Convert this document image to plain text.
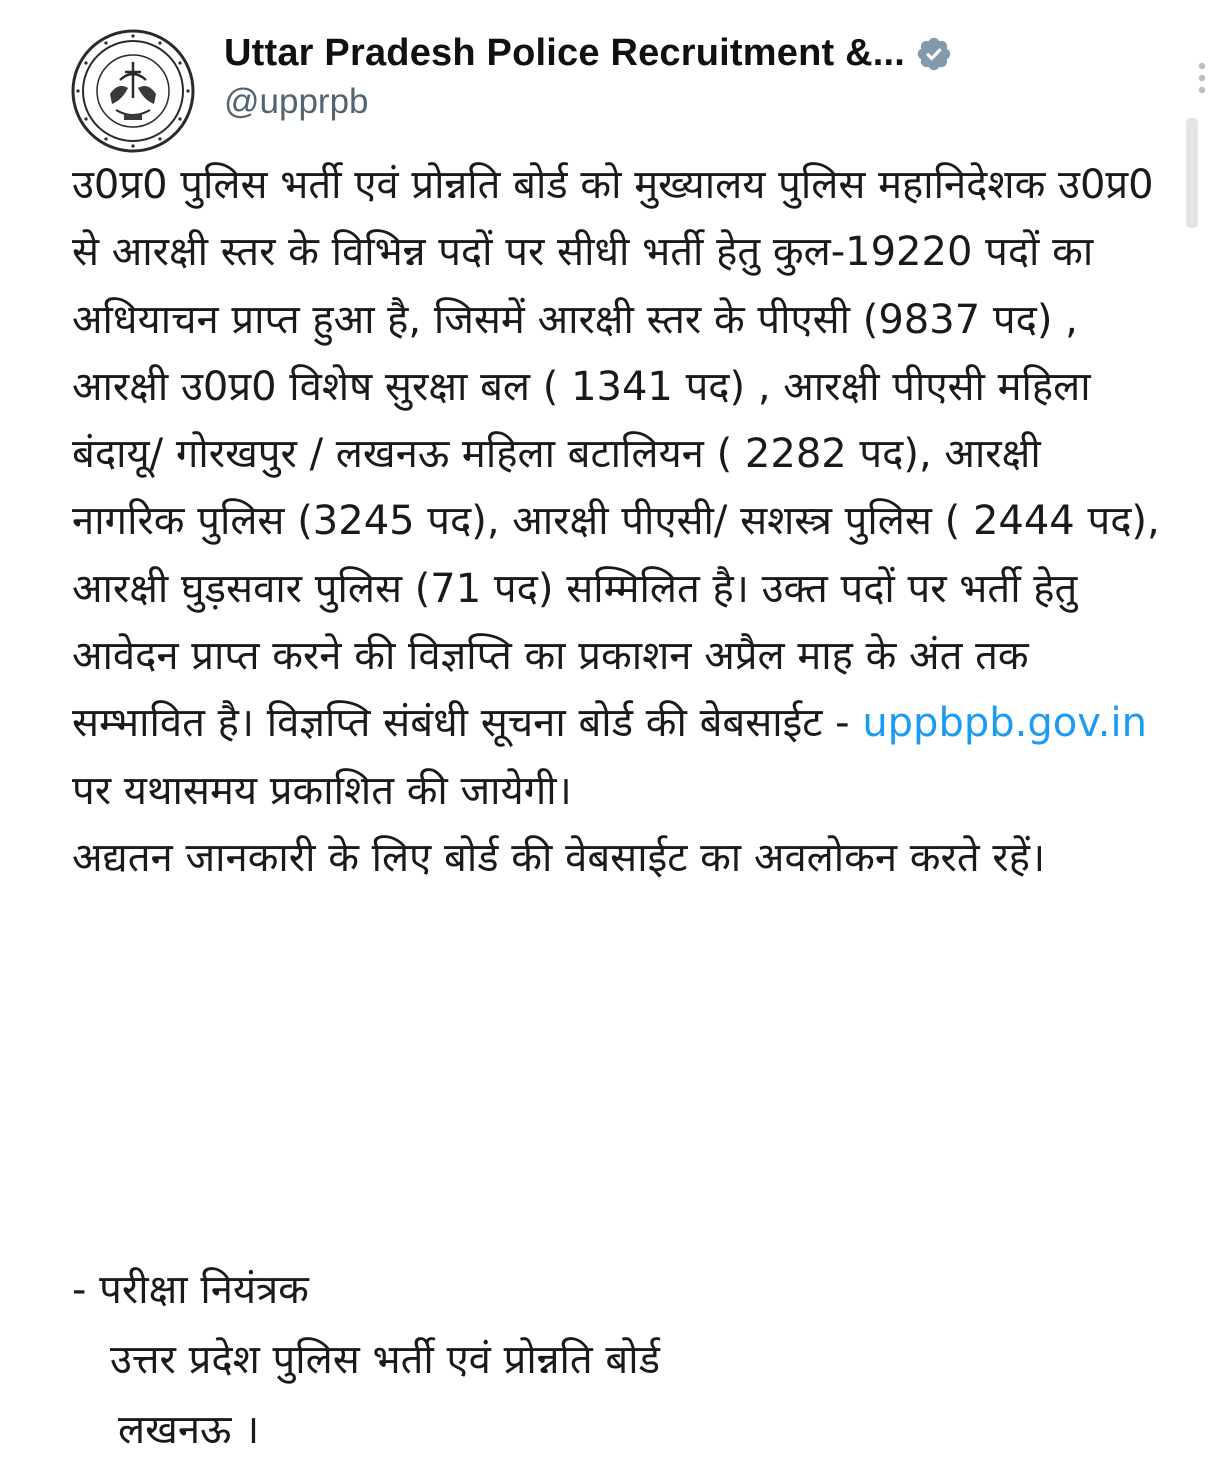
Uttar Pradesh Police Recruitment &...
@upprpb

उ0प्र0 पुलिस भर्ती एवं प्रोन्नति बोर्ड को मुख्यालय पुलिस महानिदेशक उ0प्र0 से आरक्षी स्तर के विभिन्न पदों पर सीधी भर्ती हेतु कुल-19220 पदों का अधियाचन प्राप्त हुआ है, जिसमें आरक्षी स्तर के पीएसी (9837 पद) , आरक्षी उ0प्र0 विशेष सुरक्षा बल ( 1341 पद) , आरक्षी पीएसी महिला बंदायू/ गोरखपुर / लखनऊ महिला बटालियन ( 2282 पद), आरक्षी नागरिक पुलिस (3245 पद), आरक्षी पीएसी/ सशस्त्र पुलिस ( 2444 पद), आरक्षी घुड़सवार पुलिस (71 पद) सम्मिलित है। उक्त पदों पर भर्ती हेतु आवेदन प्राप्त करने की विज्ञप्ति का प्रकाशन अप्रैल माह के अंत तक सम्भावित है। विज्ञप्ति संबंधी सूचना बोर्ड की बेबसाईट - uppbpb.gov.in पर यथासमय प्रकाशित की जायेगी।

अद्यतन जानकारी के लिए बोर्ड की वेबसाईट का अवलोकन करते रहें।

- परीक्षा नियंत्रक
उत्तर प्रदेश पुलिस भर्ती एवं प्रोन्नति बोर्ड
लखनऊ ।
